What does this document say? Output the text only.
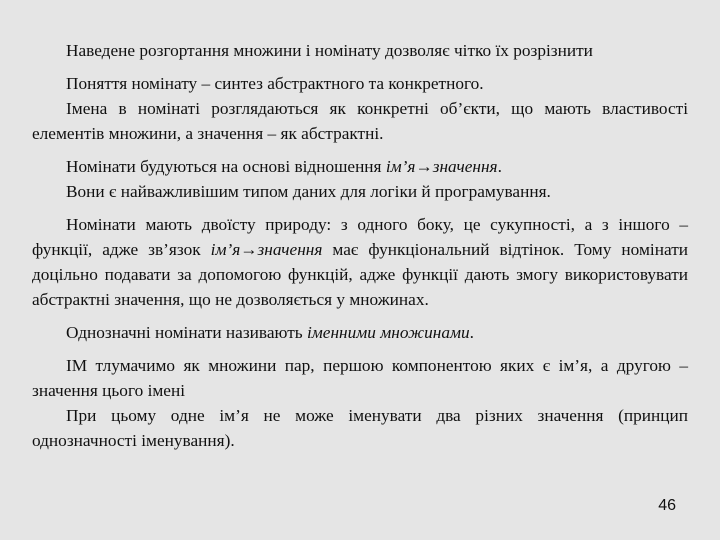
Наведене розгортання множини і номінату дозволяє чітко їх розрізнити

Поняття номінату – синтез абстрактного та конкретного.

Імена в номінаті розглядаються як конкретні об’єкти, що мають властивості елементів множини, а значення – як абстрактні.

Номінати будуються на основі відношення ім’я→значення.

Вони є найважливішим типом даних для логіки й програмування.

Номінати мають двоїсту природу: з одного боку, це сукупності, а з іншого – функції, адже зв’язок ім’я→значення має функціональний відтінок. Тому номінати доцільно подавати за допомогою функцій, адже функції дають змогу використовувати абстрактні значення, що не дозволяється у множинах.

Однозначні номінати називають іменними множинами.

ІМ тлумачимо як множини пар, першою компонентою яких є ім’я, а другою – значення цього імені

При цьому одне ім’я не може іменувати два різних значення (принцип однозначності іменування).

46
